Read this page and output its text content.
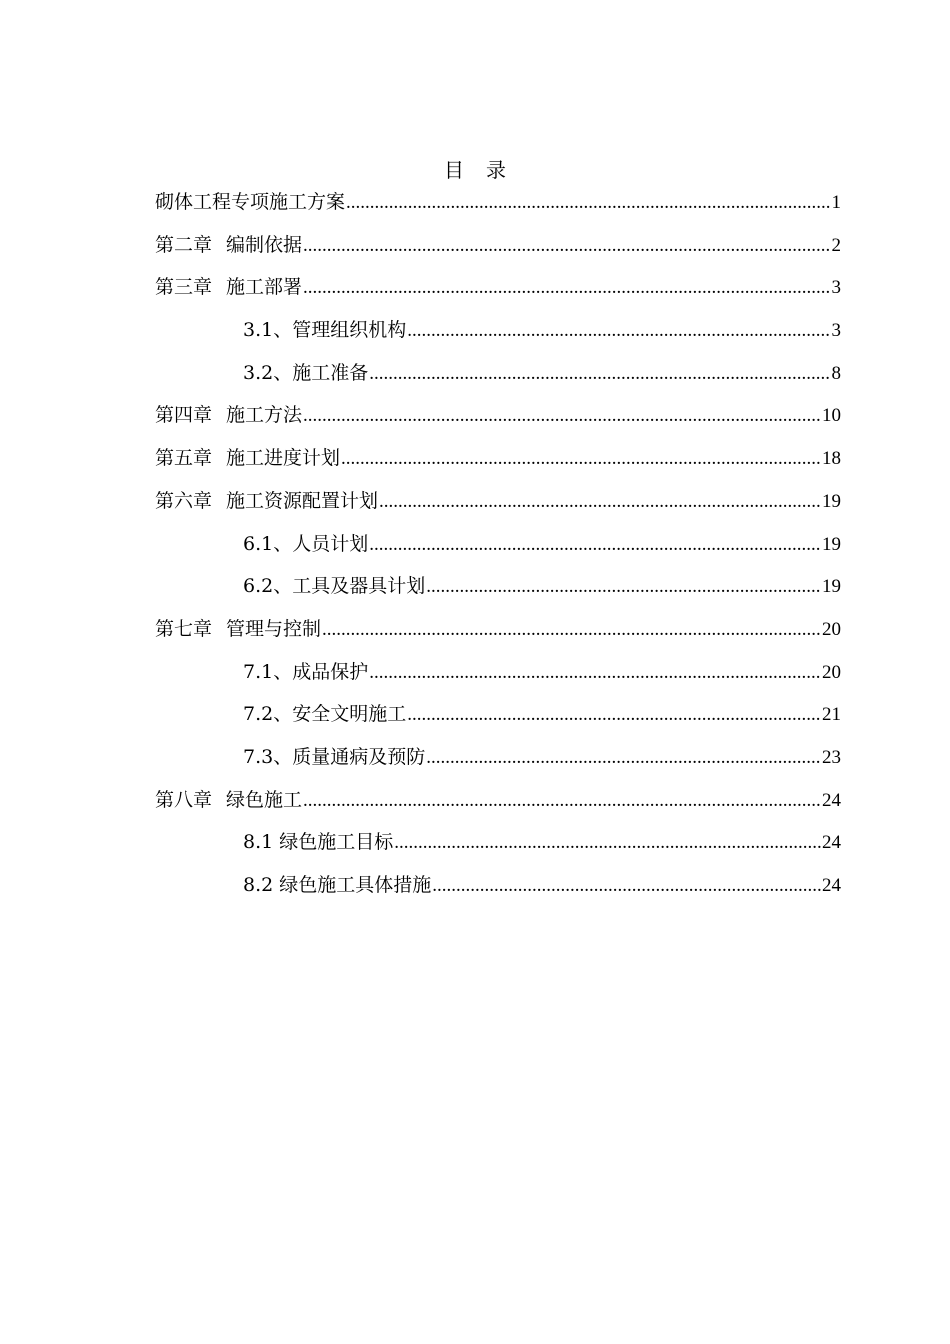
目 录
砌体工程专项施工方案 .....	1
第二章 编制依据 .....	2
第三章 施工部署 .....	3
3.1、管理组织机构 .....	3
3.2、施工准备 .....	8
第四章 施工方法 .....	10
第五章 施工进度计划 .....	18
第六章 施工资源配置计划 .....	19
6.1、人员计划 .....	19
6.2、工具及器具计划 .....	19
第七章 管理与控制 .....	20
7.1、成品保护 .....	20
7.2、安全文明施工 .....	21
7.3、质量通病及预防 .....	23
第八章 绿色施工 .....	24
8.1 绿色施工目标 .....	24
8.2 绿色施工具体措施 .....	24
